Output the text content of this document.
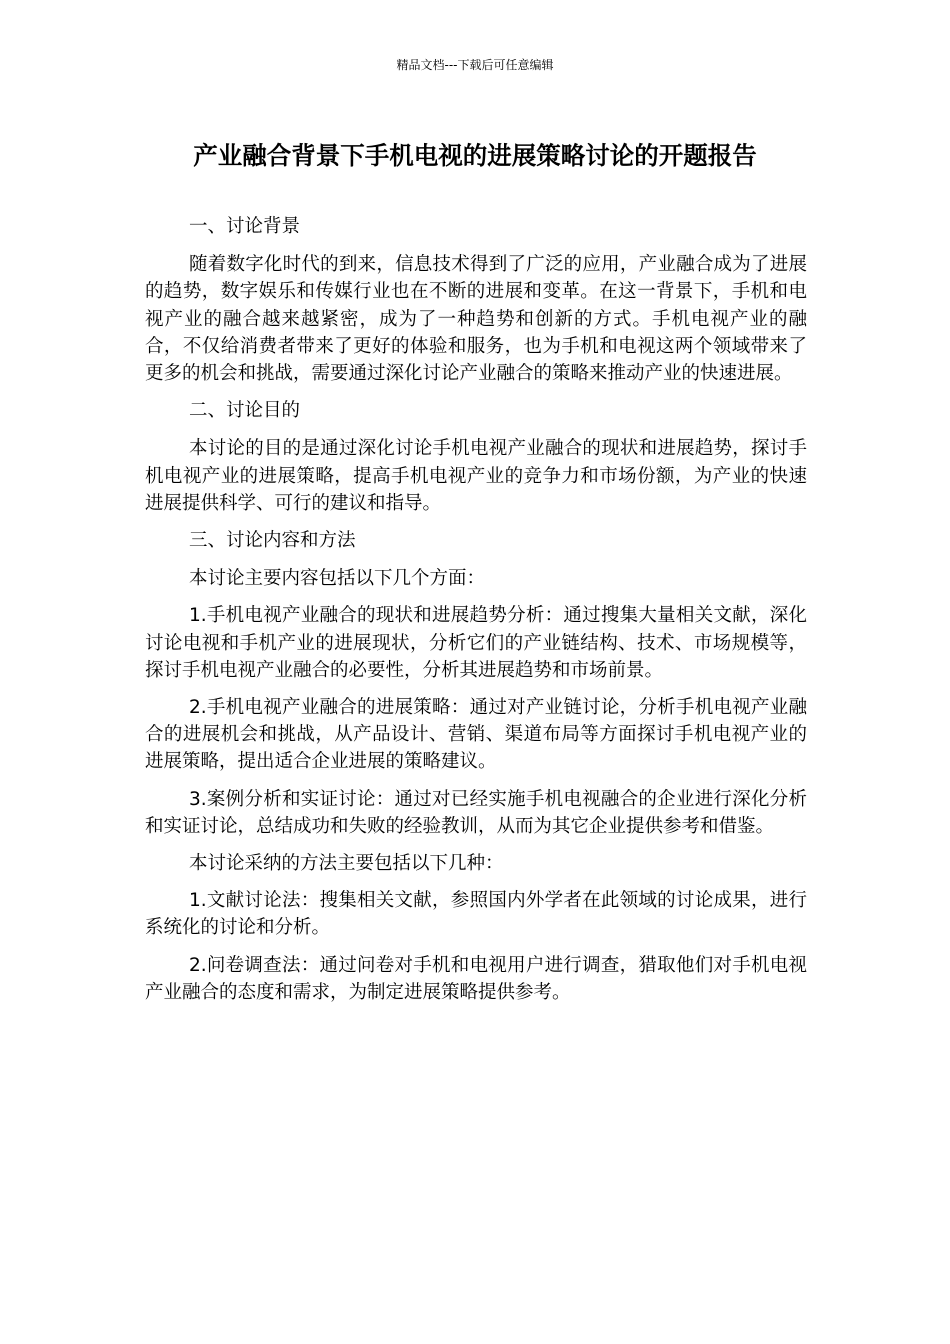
精品文档---下载后可任意编辑
产业融合背景下手机电视的进展策略讨论的开题报告

一、讨论背景

随着数字化时代的到来，信息技术得到了广泛的应用，产业融合成为了进展的趋势，数字娱乐和传媒行业也在不断的进展和变革。在这一背景下，手机和电视产业的融合越来越紧密，成为了一种趋势和创新的方式。手机电视产业的融合，不仅给消费者带来了更好的体验和服务，也为手机和电视这两个领域带来了更多的机会和挑战，需要通过深化讨论产业融合的策略来推动产业的快速进展。

二、讨论目的

本讨论的目的是通过深化讨论手机电视产业融合的现状和进展趋势，探讨手机电视产业的进展策略，提高手机电视产业的竞争力和市场份额，为产业的快速进展提供科学、可行的建议和指导。

三、讨论内容和方法

本讨论主要内容包括以下几个方面：

1.手机电视产业融合的现状和进展趋势分析：通过搜集大量相关文献，深化讨论电视和手机产业的进展现状，分析它们的产业链结构、技术、市场规模等，探讨手机电视产业融合的必要性，分析其进展趋势和市场前景。

2.手机电视产业融合的进展策略：通过对产业链讨论，分析手机电视产业融合的进展机会和挑战，从产品设计、营销、渠道布局等方面探讨手机电视产业的进展策略，提出适合企业进展的策略建议。

3.案例分析和实证讨论：通过对已经实施手机电视融合的企业进行深化分析和实证讨论，总结成功和失败的经验教训，从而为其它企业提供参考和借鉴。

本讨论采纳的方法主要包括以下几种：

1.文献讨论法：搜集相关文献，参照国内外学者在此领域的讨论成果，进行系统化的讨论和分析。

2.问卷调查法：通过问卷对手机和电视用户进行调查，猎取他们对手机电视产业融合的态度和需求，为制定进展策略提供参考。
